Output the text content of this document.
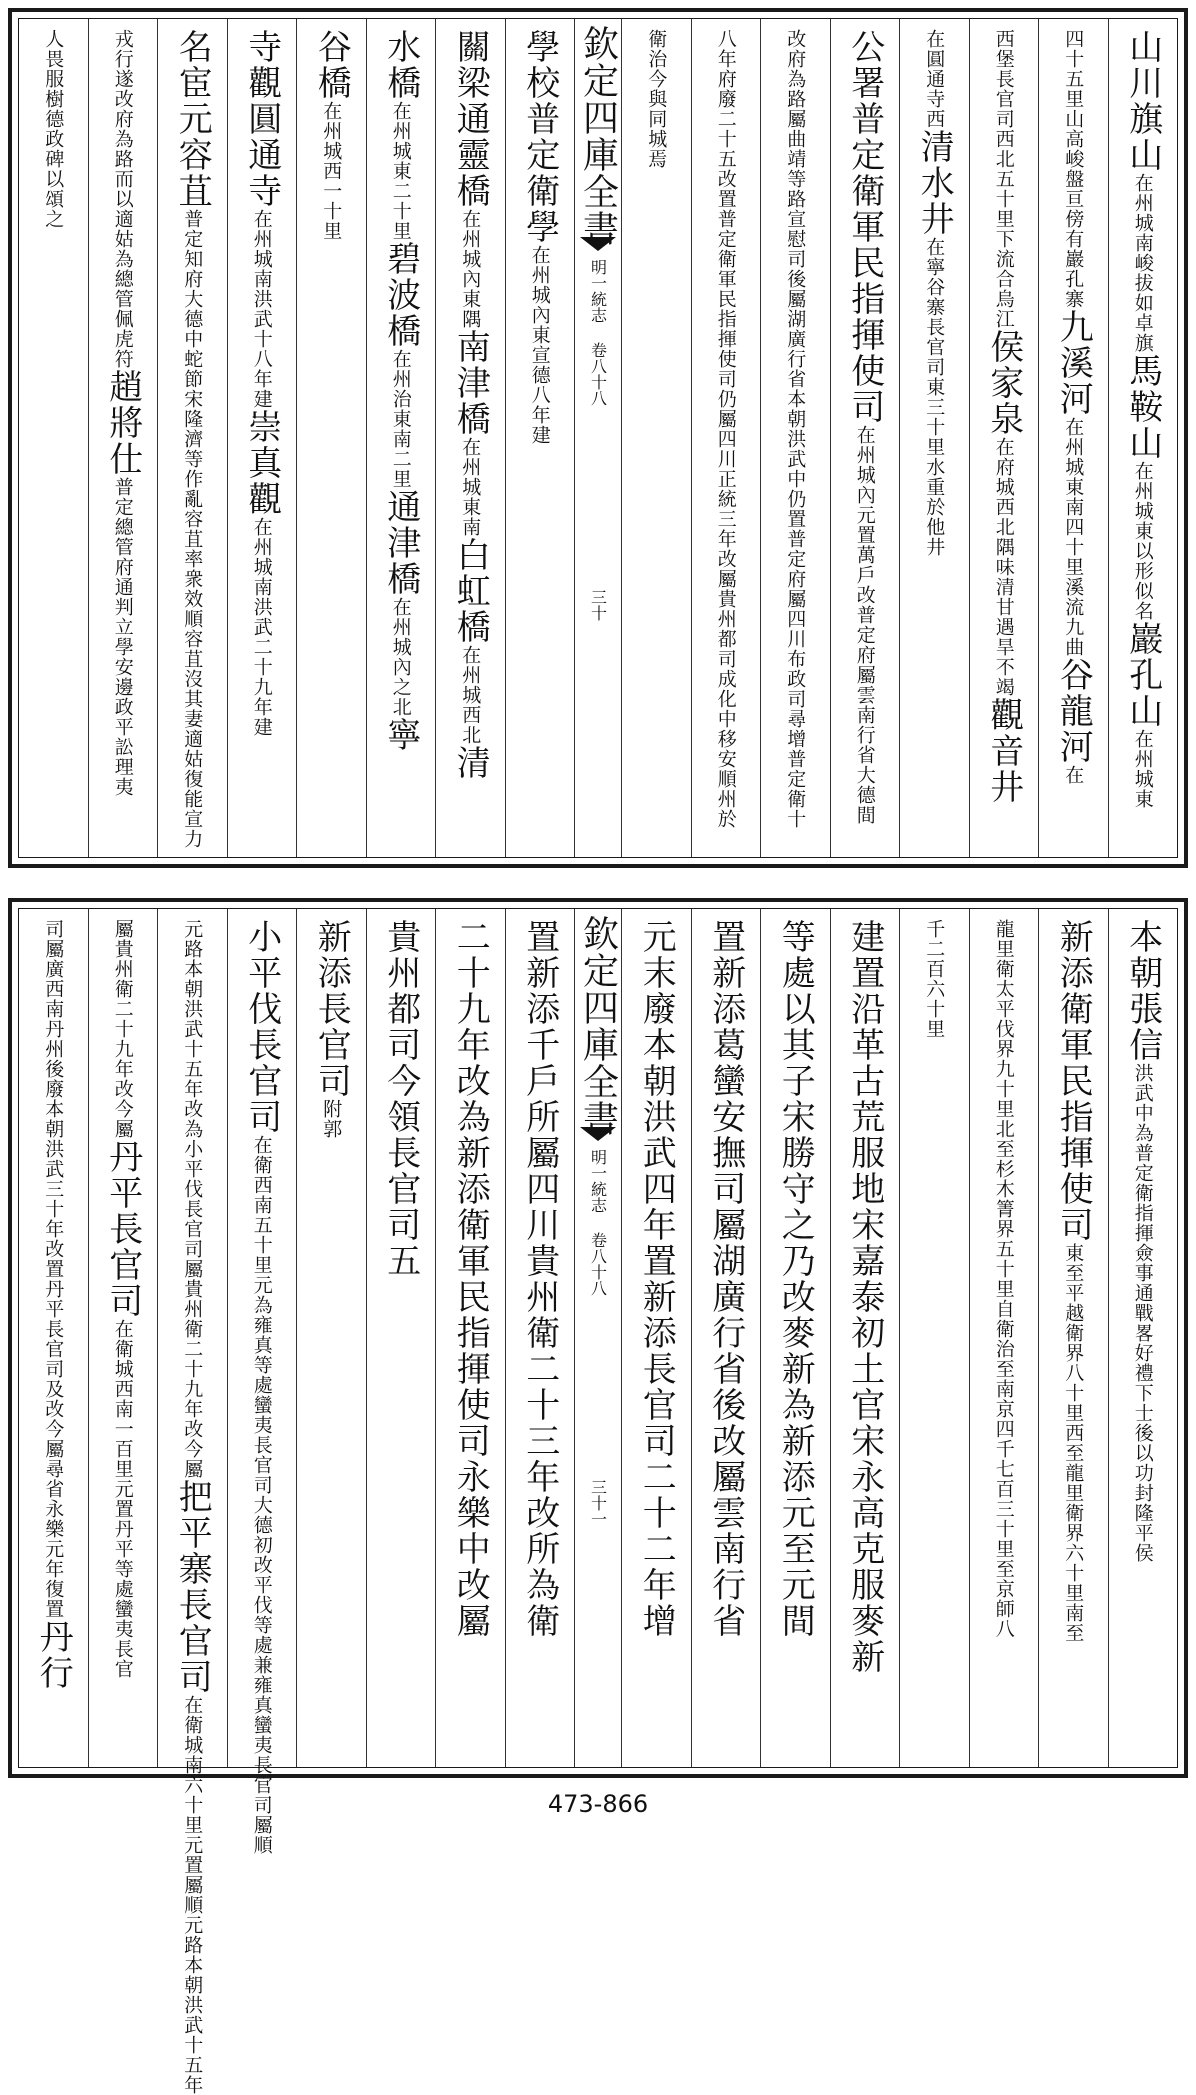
山川旗山在州城南峻拔如卓旗馬鞍山在州城東以形似名巖孔山在州城東
四十五里山高峻盤亘傍有巖孔寨九溪河在州城東南四十里溪流九曲谷龍河在
西堡長官司西北五十里下流合烏江侯家泉在府城西北隅味清甘遇旱不竭觀音井
在圓通寺西清水井在寧谷寨長官司東三十里水重於他井
公署普定衛軍民指揮使司在州城內元置萬戶改普定府屬雲南行省大德間
改府為路屬曲靖等路宣慰司後屬湖廣行省本朝洪武中仍置普定府屬四川布政司尋增普定衛十
八年府廢二十五改置普定衛軍民指揮使司仍屬四川正統三年改屬貴州都司成化中移安順州於
衛治今與同城焉
欽定四庫全書
明一統志 卷八十八
三十
學校普定衛學在州城內東宣德八年建
關梁通靈橋在州城內東隅南津橋在州城東南白虹橋在州城西北清
水橋在州城東二十里碧波橋在州治東南二里通津橋在州城內之北寧
谷橋在州城西一十里
寺觀圓通寺在州城南洪武十八年建崇真觀在州城南洪武二十九年建
名宦元容苴普定知府大德中蛇節宋隆濟等作亂容苴率衆效順容苴沒其妻適姑復能宣力
戎行遂改府為路而以適姑為總管佩虎符趙將仕普定總管府通判立學安邊政平訟理夷
人畏服樹德政碑以頌之
本朝張信洪武中為普定衛指揮僉事通戰畧好禮下士後以功封隆平侯
新添衛軍民指揮使司東至平越衛界八十里西至龍里衛界六十里南至
龍里衛太平伐界九十里北至杉木箐界五十里自衛治至南京四千七百三十里至京師八
千二百六十里
建置沿革古荒服地宋嘉泰初土官宋永高克服麥新
等處以其子宋勝守之乃改麥新為新添元至元間
置新添葛蠻安撫司屬湖廣行省後改屬雲南行省
元末廢本朝洪武四年置新添長官司二十二年增
欽定四庫全書
明一統志 卷八十八
三十一
置新添千戶所屬四川貴州衛二十三年改所為衛
二十九年改為新添衛軍民指揮使司永樂中改屬
貴州都司今領長官司五
新添長官司附郭
小平伐長官司在衛西南五十里元為雍真等處蠻夷長官司大德初改平伐等處兼雍真蠻夷長官司屬順
元路本朝洪武十五年改為小平伐長官司屬貴州衛二十九年改今屬把平寨長官司在衛城南六十里元置屬順元路本朝洪武十五年
屬貴州衛二十九年改今屬丹平長官司在衛城西南一百里元置丹平等處蠻夷長官
司屬廣西南丹州後廢本朝洪武三十年改置丹平長官司及改今屬尋省永樂元年復置丹行
473-866
